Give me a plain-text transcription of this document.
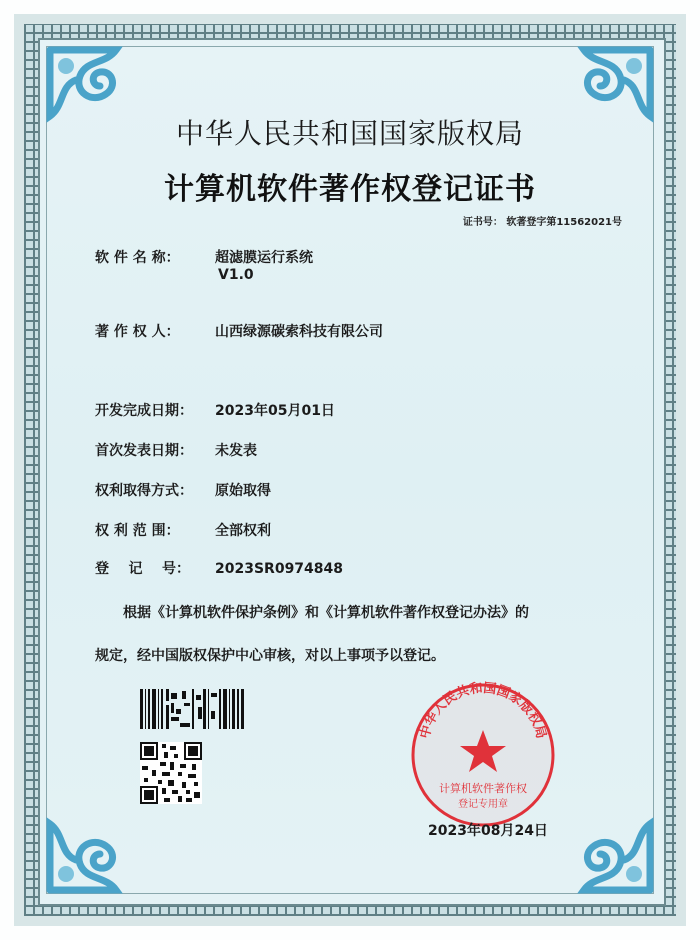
中华人民共和国国家版权局
计算机软件著作权登记证书
证书号： 软著登字第11562021号
软 件 名 称：	超滤膜运行系统
V1.0
著 作 权 人：	山西绿源碳索科技有限公司
开发完成日期： 2023年05月01日
首次发表日期： 未发表
权利取得方式： 原始取得
权 利 范 围：	全部权利
登    记    号： 2023SR0974848
根据《计算机软件保护条例》和《计算机软件著作权登记办法》的
规定，经中国版权保护中心审核，对以上事项予以登记。
中华人民共和国国家版权局
计算机软件著作权
登记专用章
2023年08月24日
